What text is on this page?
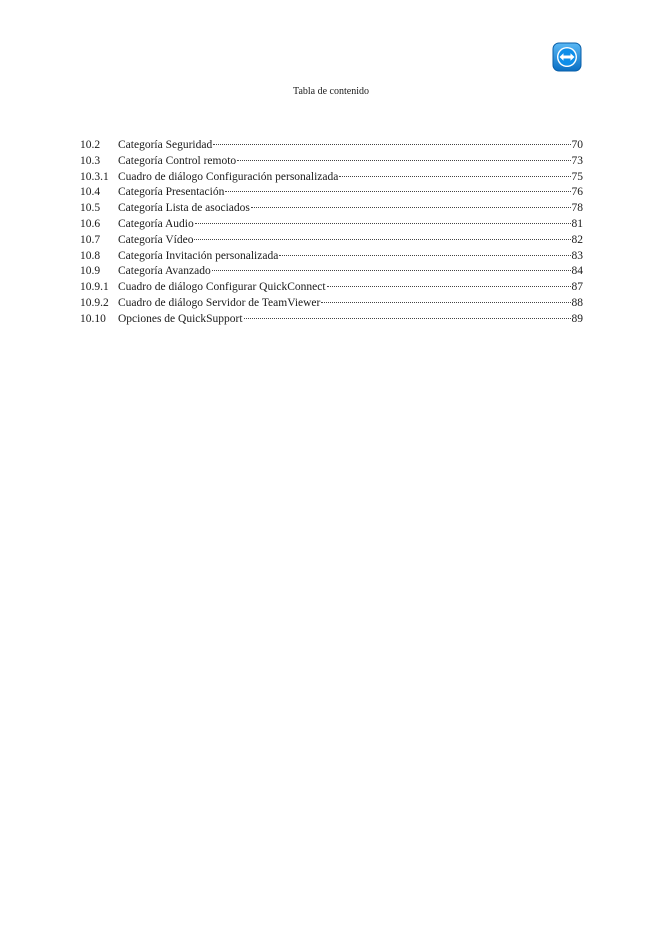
Tabla de contenido
10.2	Categoría Seguridad	70
10.3	Categoría Control remoto	73
10.3.1 Cuadro de diálogo Configuración personalizada	75
10.4	Categoría Presentación	76
10.5	Categoría Lista de asociados	78
10.6	Categoría Audio	81
10.7	Categoría Vídeo	82
10.8	Categoría Invitación personalizada	83
10.9	Categoría Avanzado	84
10.9.1 Cuadro de diálogo Configurar QuickConnect	87
10.9.2 Cuadro de diálogo Servidor de TeamViewer	88
10.10	Opciones de QuickSupport	89
